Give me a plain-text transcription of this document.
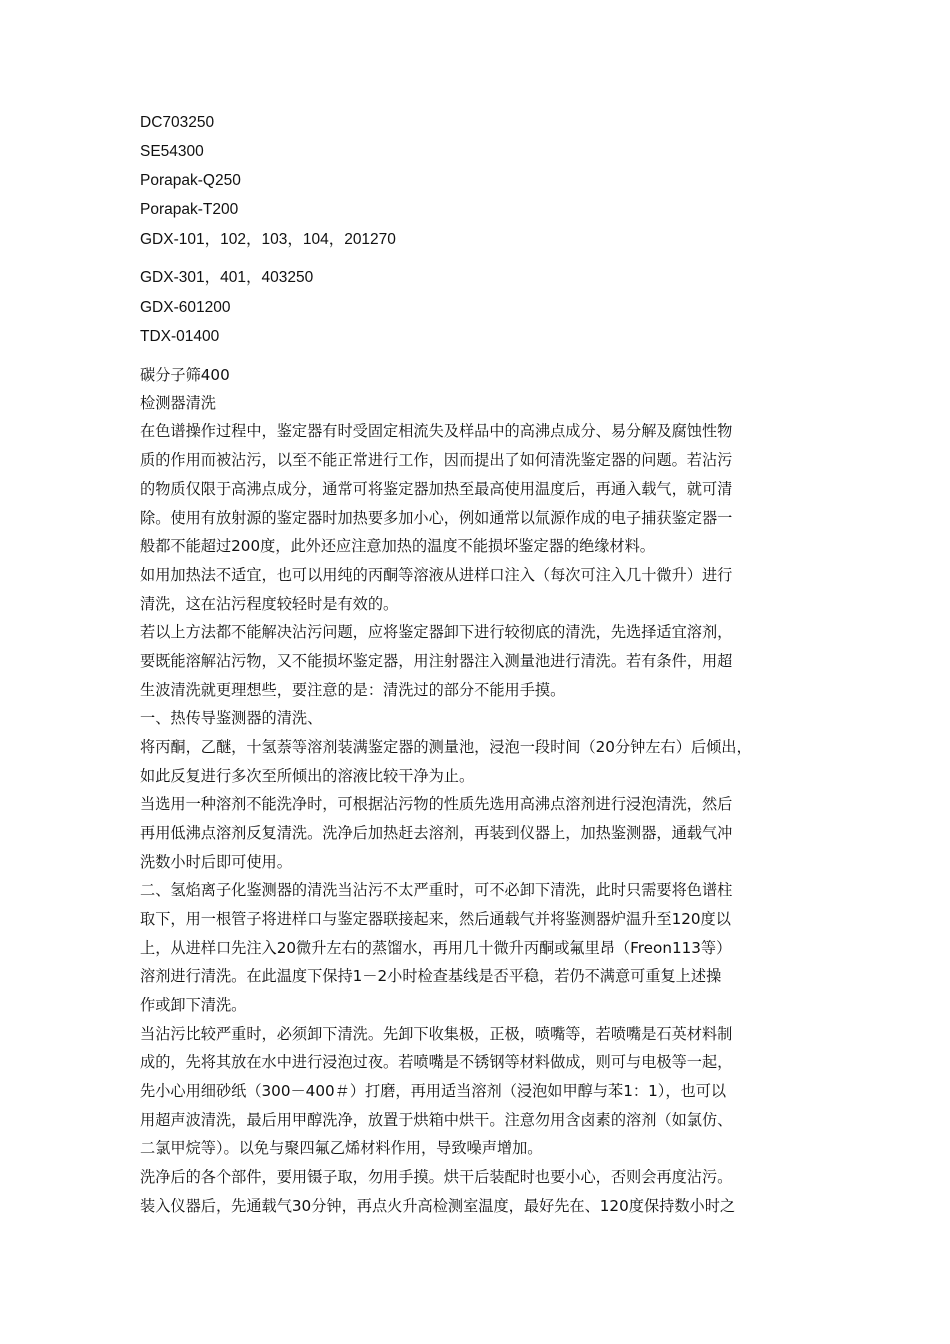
DC703250
SE54300
Porapak-Q250
Porapak-T200
GDX-101，102，103，104，201270
GDX-301，401，403250
GDX-601200
TDX-01400
碳分子筛400
检测器清洗
在色谱操作过程中，鉴定器有时受固定相流失及样品中的高沸点成分、易分解及腐蚀性物
质的作用而被沾污，以至不能正常进行工作，因而提出了如何清洗鉴定器的问题。若沾污
的物质仅限于高沸点成分，通常可将鉴定器加热至最高使用温度后，再通入载气，就可清
除。使用有放射源的鉴定器时加热要多加小心，例如通常以氚源作成的电子捕获鉴定器一
般都不能超过200度，此外还应注意加热的温度不能损坏鉴定器的绝缘材料。
如用加热法不适宜，也可以用纯的丙酮等溶液从进样口注入（每次可注入几十微升）进行
清洗，这在沾污程度较轻时是有效的。
若以上方法都不能解决沾污问题，应将鉴定器卸下进行较彻底的清洗，先选择适宜溶剂，
要既能溶解沾污物，又不能损坏鉴定器，用注射器注入测量池进行清洗。若有条件，用超
生波清洗就更理想些，要注意的是：清洗过的部分不能用手摸。
一、热传导鉴测器的清洗、
将丙酮，乙醚，十氢萘等溶剂装满鉴定器的测量池，浸泡一段时间（20分钟左右）后倾出，
如此反复进行多次至所倾出的溶液比较干净为止。
当选用一种溶剂不能洗净时，可根据沾污物的性质先选用高沸点溶剂进行浸泡清洗，然后
再用低沸点溶剂反复清洗。洗净后加热赶去溶剂，再装到仪器上，加热鉴测器，通载气冲
洗数小时后即可使用。
二、氢焰离子化鉴测器的清洗当沾污不太严重时，可不必卸下清洗，此时只需要将色谱柱
取下，用一根管子将进样口与鉴定器联接起来，然后通载气并将鉴测器炉温升至120度以
上，从进样口先注入20微升左右的蒸馏水，再用几十微升丙酮或氟里昂（Freon113等）
溶剂进行清洗。在此温度下保持1－2小时检查基线是否平稳，若仍不满意可重复上述操
作或卸下清洗。
当沾污比较严重时，必须卸下清洗。先卸下收集极，正极，喷嘴等，若喷嘴是石英材料制
成的，先将其放在水中进行浸泡过夜。若喷嘴是不锈钢等材料做成，则可与电极等一起，
先小心用细砂纸（300－400＃）打磨，再用适当溶剂（浸泡如甲醇与苯1：1），也可以
用超声波清洗，最后用甲醇洗净，放置于烘箱中烘干。注意勿用含卤素的溶剂（如氯仿、
二氯甲烷等）。以免与聚四氟乙烯材料作用，导致噪声增加。
洗净后的各个部件，要用镊子取，勿用手摸。烘干后装配时也要小心，否则会再度沾污。
装入仪器后，先通载气30分钟，再点火升高检测室温度，最好先在、120度保持数小时之
